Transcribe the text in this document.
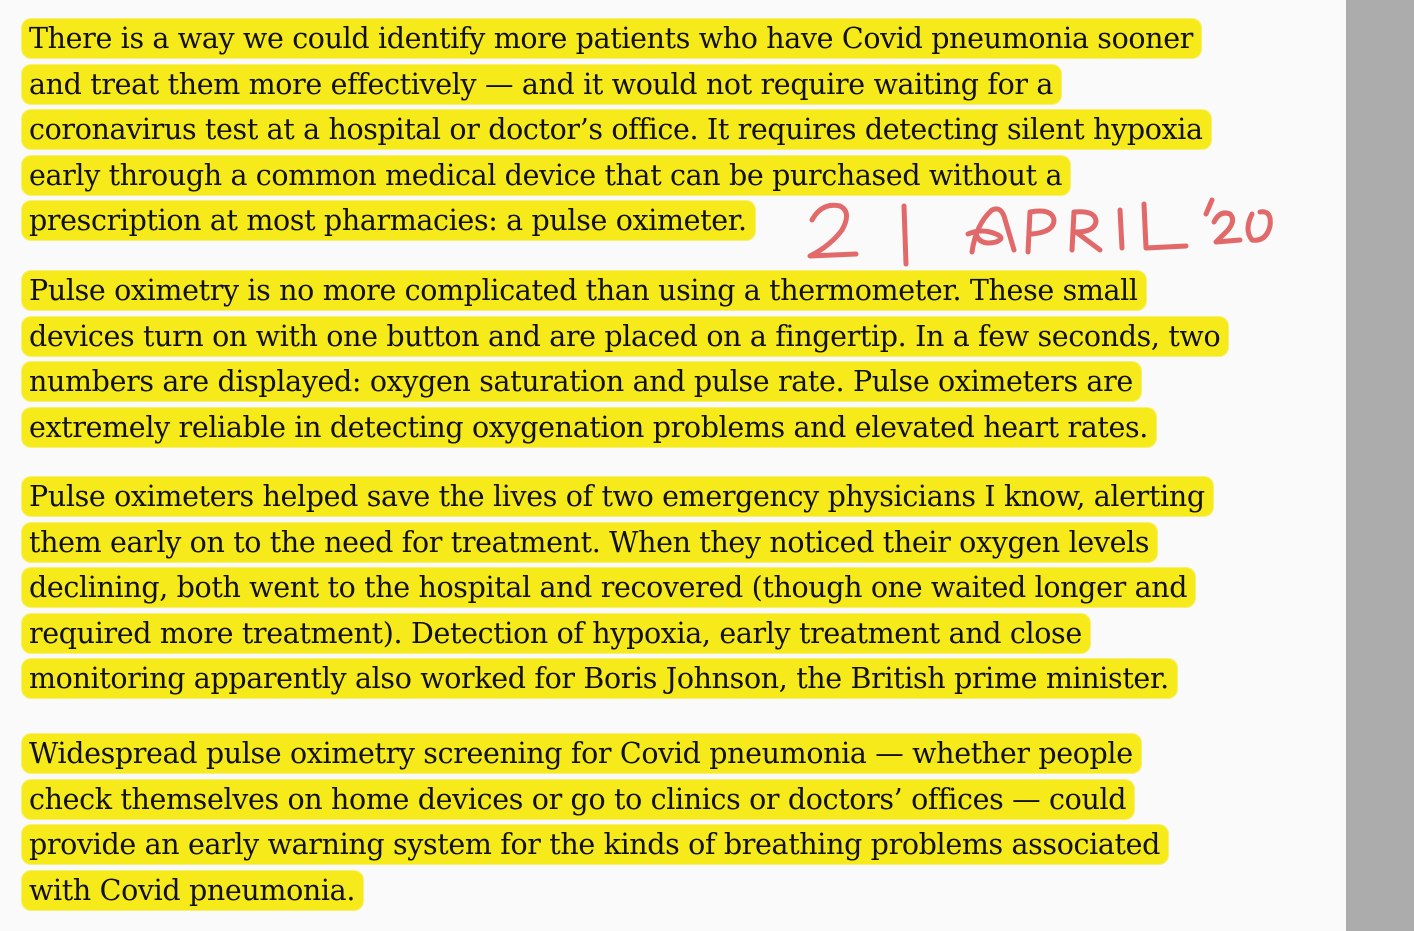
There is a way we could identify more patients who have Covid pneumonia sooner
and treat them more effectively — and it would not require waiting for a
coronavirus test at a hospital or doctor’s office. It requires detecting silent hypoxia
early through a common medical device that can be purchased without a
prescription at most pharmacies: a pulse oximeter.
Pulse oximetry is no more complicated than using a thermometer. These small
devices turn on with one button and are placed on a fingertip. In a few seconds, two
numbers are displayed: oxygen saturation and pulse rate. Pulse oximeters are
extremely reliable in detecting oxygenation problems and elevated heart rates.
Pulse oximeters helped save the lives of two emergency physicians I know, alerting
them early on to the need for treatment. When they noticed their oxygen levels
declining, both went to the hospital and recovered (though one waited longer and
required more treatment). Detection of hypoxia, early treatment and close
monitoring apparently also worked for Boris Johnson, the British prime minister.
Widespread pulse oximetry screening for Covid pneumonia — whether people
check themselves on home devices or go to clinics or doctors’ offices — could
provide an early warning system for the kinds of breathing problems associated
with Covid pneumonia.
